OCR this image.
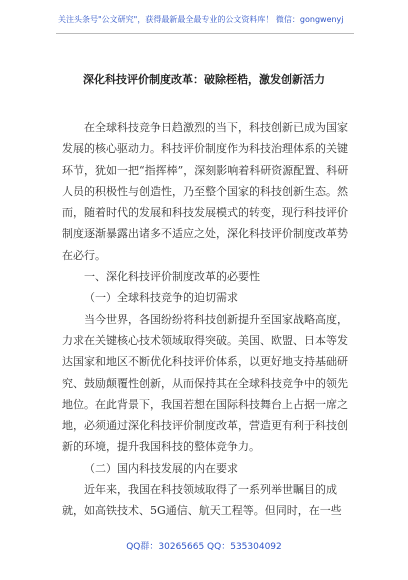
关注头条号"公文研究"，获得最新最全最专业的公文资料库！ 微信：gongwenyj
深化科技评价制度改革：破除桎梏，激发创新活力

在全球科技竞争日趋激烈的当下，科技创新已成为国家发展的核心驱动力。科技评价制度作为科技治理体系的关键环节，犹如一把“指挥棒”，深刻影响着科研资源配置、科研人员的积极性与创造性，乃至整个国家的科技创新生态。然而，随着时代的发展和科技发展模式的转变，现行科技评价制度逐渐暴露出诸多不适应之处，深化科技评价制度改革势在必行。

一、深化科技评价制度改革的必要性

（一）全球科技竞争的迫切需求

当今世界，各国纷纷将科技创新提升至国家战略高度，力求在关键核心技术领域取得突破。美国、欧盟、日本等发达国家和地区不断优化科技评价体系，以更好地支持基础研究、鼓励颠覆性创新，从而保持其在全球科技竞争中的领先地位。在此背景下，我国若想在国际科技舞台上占据一席之地，必须通过深化科技评价制度改革，营造更有利于科技创新的环境，提升我国科技的整体竞争力。

（二）国内科技发展的内在要求

近年来，我国在科技领域取得了一系列举世瞩目的成就，如高铁技术、5G通信、航天工程等。但同时，在一些

QQ群：30265665 QQ：535304092
